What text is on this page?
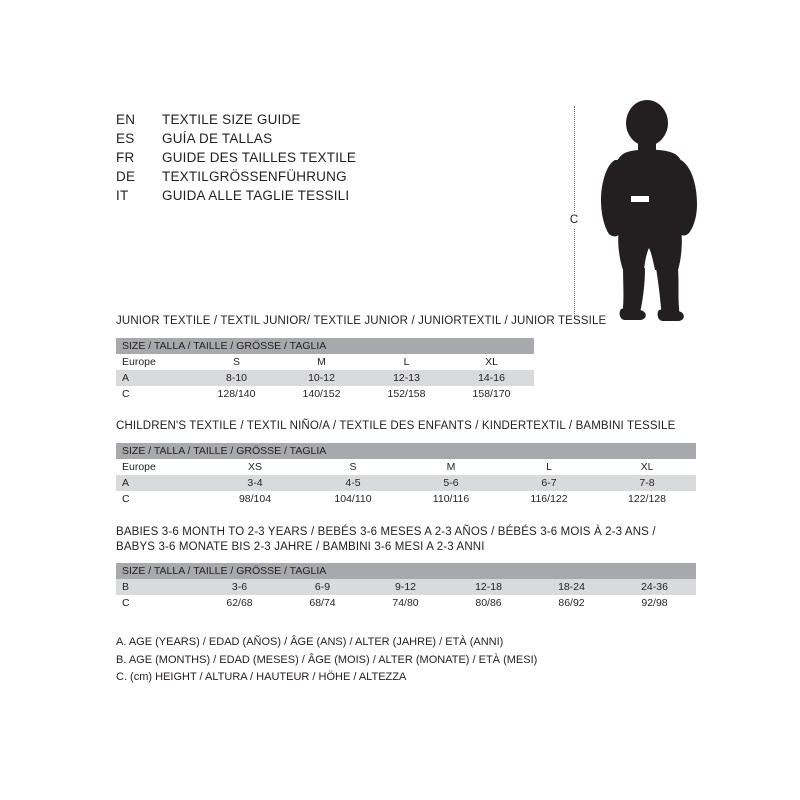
EN	TEXTILE SIZE GUIDE
ES	GUÍA DE TALLAS
FR	GUIDE DES TAILLES TEXTILE
DE	TEXTILGRÖSSENFÜHRUNG
IT	GUIDA ALLE TAGLIE TESSILI
C
JUNIOR TEXTILE / TEXTIL JUNIOR/ TEXTILE JUNIOR / JUNIORTEXTIL / JUNIOR TESSILE
SIZE / TALLA / TAILLE / GRÖSSE / TAGLIA				
Europe	S	M	L	XL
A	8-10	10-12	12-13	14-16
C	128/140	140/152	152/158	158/170
CHILDREN'S TEXTILE / TEXTIL NIÑO/A / TEXTILE DES ENFANTS / KINDERTEXTIL / BAMBINI TESSILE
SIZE / TALLA / TAILLE / GRÖSSE / TAGLIA					
Europe	XS	S	M	L	XL
A	3-4	4-5	5-6	6-7	7-8
C	98/104	104/110	110/116	116/122	122/128
BABIES 3-6 MONTH TO 2-3 YEARS / BEBÉS 3-6 MESES A 2-3 AÑOS / BÉBÉS 3-6 MOIS À 2-3 ANS /
BABYS 3-6 MONATE BIS 2-3 JAHRE / BAMBINI 3-6 MESI A 2-3 ANNI
SIZE / TALLA / TAILLE / GRÖSSE / TAGLIA						
B	3-6	6-9	9-12	12-18	18-24	24-36
C	62/68	68/74	74/80	80/86	86/92	92/98
A. AGE (YEARS) / EDAD (AÑOS) / ÂGE (ANS) / ALTER (JAHRE) / ETÀ (ANNI)
B. AGE (MONTHS) / EDAD (MESES) / ÂGE (MOIS) / ALTER (MONATE) / ETÀ (MESI)
C. (cm) HEIGHT / ALTURA / HAUTEUR / HÖHE / ALTEZZA
